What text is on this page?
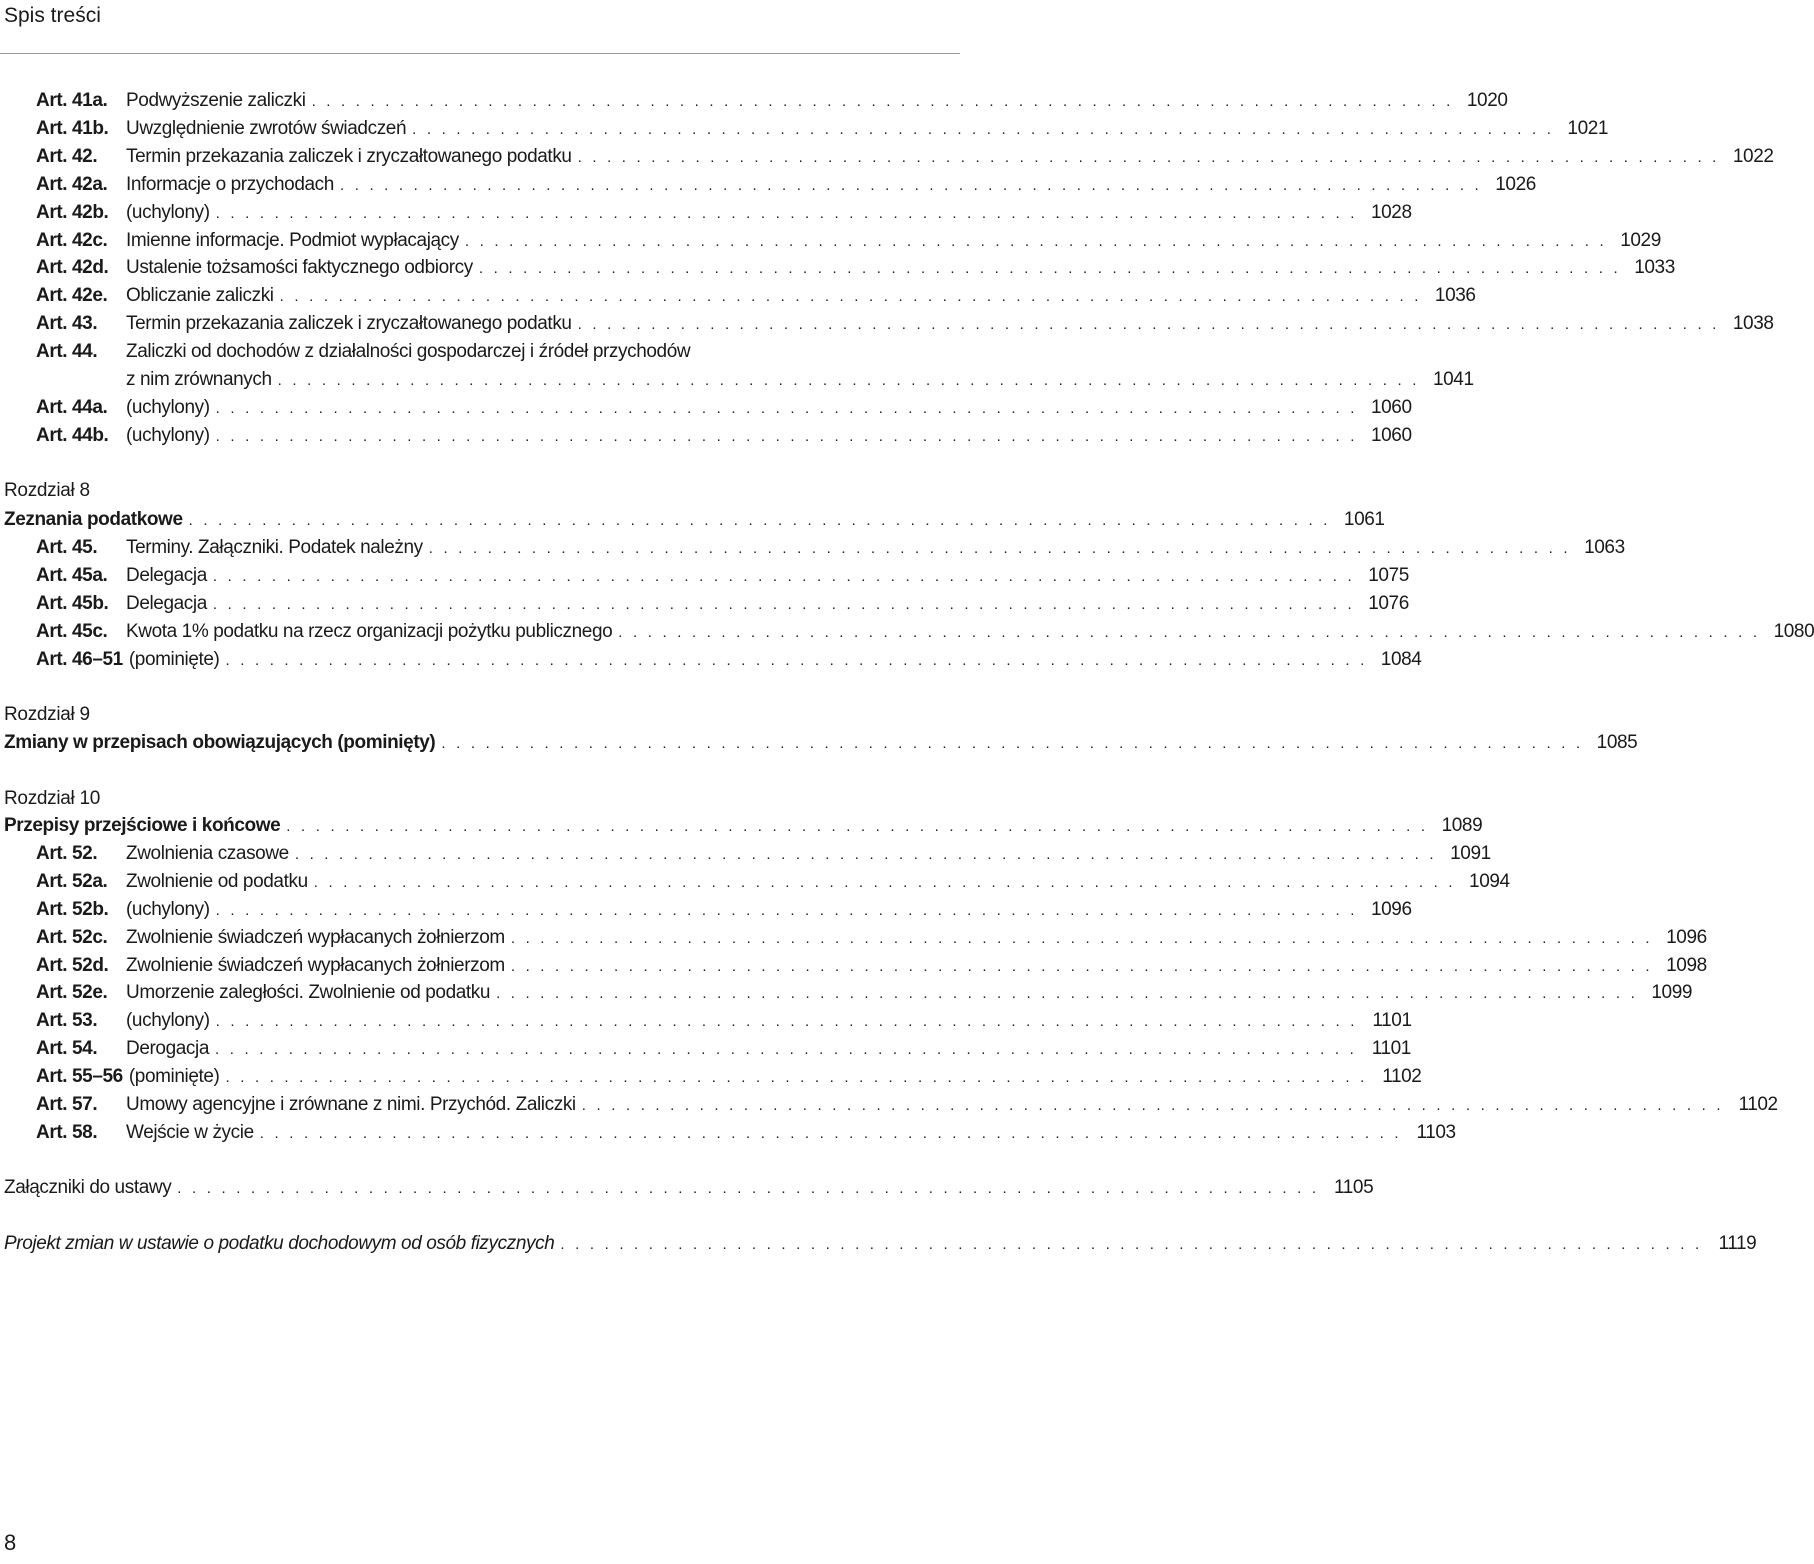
Spis treści
Art. 41a. Podwyższenie zaliczki . . . . . . . . . . . . . . . . . . . . . . . . . . . . . . . . . . . . . . . . . . . . . . . . . . . . . . . . . . . . . . . . . . . . . . . . . . . . . . 1020
Art. 41b. Uwzględnienie zwrotów świadczeń . . . . . . . . . . . . . . . . . . . . . . . . . . . . . . . . . . . . . . . . . . . . . . . . . . . . . . . . . . . . . . . . . . . . . . . . . . . . . . 1021
Art. 42.	Termin przekazania zaliczek i zryczałtowanego podatku . . . . . . . . . . . . . . . . . . . . . . . . . . . . . . . . . . . . . . . . . . . . . . . . . . . . . . . . . . . . . . . . . . . . . . . . . . . . . . 1022
Art. 42a. Informacje o przychodach . . . . . . . . . . . . . . . . . . . . . . . . . . . . . . . . . . . . . . . . . . . . . . . . . . . . . . . . . . . . . . . . . . . . . . . . . . . . . . 1026
Art. 42b. (uchylony) . . . . . . . . . . . . . . . . . . . . . . . . . . . . . . . . . . . . . . . . . . . . . . . . . . . . . . . . . . . . . . . . . . . . . . . . . . . . . . 1028
Art. 42c. Imienne informacje. Podmiot wypłacający . . . . . . . . . . . . . . . . . . . . . . . . . . . . . . . . . . . . . . . . . . . . . . . . . . . . . . . . . . . . . . . . . . . . . . . . . . . . . . 1029
Art. 42d. Ustalenie tożsamości faktycznego odbiorcy . . . . . . . . . . . . . . . . . . . . . . . . . . . . . . . . . . . . . . . . . . . . . . . . . . . . . . . . . . . . . . . . . . . . . . . . . . . . . . 1033
Art. 42e. Obliczanie zaliczki . . . . . . . . . . . . . . . . . . . . . . . . . . . . . . . . . . . . . . . . . . . . . . . . . . . . . . . . . . . . . . . . . . . . . . . . . . . . . . 1036
Art. 43.	Termin przekazania zaliczek i zryczałtowanego podatku . . . . . . . . . . . . . . . . . . . . . . . . . . . . . . . . . . . . . . . . . . . . . . . . . . . . . . . . . . . . . . . . . . . . . . . . . . . . . . 1038
Art. 44.	Zaliczki od dochodów z działalności gospodarczej i źródeł przychodów
z nim zrównanych . . . . . . . . . . . . . . . . . . . . . . . . . . . . . . . . . . . . . . . . . . . . . . . . . . . . . . . . . . . . . . . . . . . . . . . . . . . . . . 1041
Art. 44a. (uchylony) . . . . . . . . . . . . . . . . . . . . . . . . . . . . . . . . . . . . . . . . . . . . . . . . . . . . . . . . . . . . . . . . . . . . . . . . . . . . . . 1060
Art. 44b. (uchylony) . . . . . . . . . . . . . . . . . . . . . . . . . . . . . . . . . . . . . . . . . . . . . . . . . . . . . . . . . . . . . . . . . . . . . . . . . . . . . . 1060
Rozdział 8
Zeznania podatkowe . . . . . . . . . . . . . . . . . . . . . . . . . . . . . . . . . . . . . . . . . . . . . . . . . . . . . . . . . . . . . . . . . . . . . . . . . . . . . . 1061
Art. 45.	Terminy. Załączniki. Podatek należny . . . . . . . . . . . . . . . . . . . . . . . . . . . . . . . . . . . . . . . . . . . . . . . . . . . . . . . . . . . . . . . . . . . . . . . . . . . . . . 1063
Art. 45a. Delegacja . . . . . . . . . . . . . . . . . . . . . . . . . . . . . . . . . . . . . . . . . . . . . . . . . . . . . . . . . . . . . . . . . . . . . . . . . . . . . . 1075
Art. 45b. Delegacja . . . . . . . . . . . . . . . . . . . . . . . . . . . . . . . . . . . . . . . . . . . . . . . . . . . . . . . . . . . . . . . . . . . . . . . . . . . . . . 1076
Art. 45c. Kwota 1% podatku na rzecz organizacji pożytku publicznego . . . . . . . . . . . . . . . . . . . . . . . . . . . . . . . . . . . . . . . . . . . . . . . . . . . . . . . . . . . . . . . . . . . . . . . . . . . . . . 1080
Art. 46–51 (pominięte) . . . . . . . . . . . . . . . . . . . . . . . . . . . . . . . . . . . . . . . . . . . . . . . . . . . . . . . . . . . . . . . . . . . . . . . . . . . . . . 1084
Rozdział 9
Zmiany w przepisach obowiązujących (pominięty) . . . . . . . . . . . . . . . . . . . . . . . . . . . . . . . . . . . . . . . . . . . . . . . . . . . . . . . . . . . . . . . . . . . . . . . . . . . . . . 1085
Rozdział 10
Przepisy przejściowe i końcowe . . . . . . . . . . . . . . . . . . . . . . . . . . . . . . . . . . . . . . . . . . . . . . . . . . . . . . . . . . . . . . . . . . . . . . . . . . . . . . 1089
Art. 52.	Zwolnienia czasowe . . . . . . . . . . . . . . . . . . . . . . . . . . . . . . . . . . . . . . . . . . . . . . . . . . . . . . . . . . . . . . . . . . . . . . . . . . . . . . 1091
Art. 52a. Zwolnienie od podatku . . . . . . . . . . . . . . . . . . . . . . . . . . . . . . . . . . . . . . . . . . . . . . . . . . . . . . . . . . . . . . . . . . . . . . . . . . . . . . 1094
Art. 52b. (uchylony) . . . . . . . . . . . . . . . . . . . . . . . . . . . . . . . . . . . . . . . . . . . . . . . . . . . . . . . . . . . . . . . . . . . . . . . . . . . . . . 1096
Art. 52c. Zwolnienie świadczeń wypłacanych żołnierzom . . . . . . . . . . . . . . . . . . . . . . . . . . . . . . . . . . . . . . . . . . . . . . . . . . . . . . . . . . . . . . . . . . . . . . . . . . . . . . 1096
Art. 52d. Zwolnienie świadczeń wypłacanych żołnierzom . . . . . . . . . . . . . . . . . . . . . . . . . . . . . . . . . . . . . . . . . . . . . . . . . . . . . . . . . . . . . . . . . . . . . . . . . . . . . . 1098
Art. 52e. Umorzenie zaległości. Zwolnienie od podatku . . . . . . . . . . . . . . . . . . . . . . . . . . . . . . . . . . . . . . . . . . . . . . . . . . . . . . . . . . . . . . . . . . . . . . . . . . . . . . 1099
Art. 53.	(uchylony) . . . . . . . . . . . . . . . . . . . . . . . . . . . . . . . . . . . . . . . . . . . . . . . . . . . . . . . . . . . . . . . . . . . . . . . . . . . . . . 1101
Art. 54.	Derogacja . . . . . . . . . . . . . . . . . . . . . . . . . . . . . . . . . . . . . . . . . . . . . . . . . . . . . . . . . . . . . . . . . . . . . . . . . . . . . . 1101
Art. 55–56 (pominięte) . . . . . . . . . . . . . . . . . . . . . . . . . . . . . . . . . . . . . . . . . . . . . . . . . . . . . . . . . . . . . . . . . . . . . . . . . . . . . . 1102
Art. 57.	Umowy agencyjne i zrównane z nimi. Przychód. Zaliczki . . . . . . . . . . . . . . . . . . . . . . . . . . . . . . . . . . . . . . . . . . . . . . . . . . . . . . . . . . . . . . . . . . . . . . . . . . . . . . 1102
Art. 58.	Wejście w życie . . . . . . . . . . . . . . . . . . . . . . . . . . . . . . . . . . . . . . . . . . . . . . . . . . . . . . . . . . . . . . . . . . . . . . . . . . . . . . 1103
Załączniki do ustawy . . . . . . . . . . . . . . . . . . . . . . . . . . . . . . . . . . . . . . . . . . . . . . . . . . . . . . . . . . . . . . . . . . . . . . . . . . . . . . 1105
Projekt zmian w ustawie o podatku dochodowym od osób fizycznych . . . . . . . . . . . . . . . . . . . . . . . . . . . . . . . . . . . . . . . . . . . . . . . . . . . . . . . . . . . . . . . . . . . . . . . . . . . . . . 1119
8
